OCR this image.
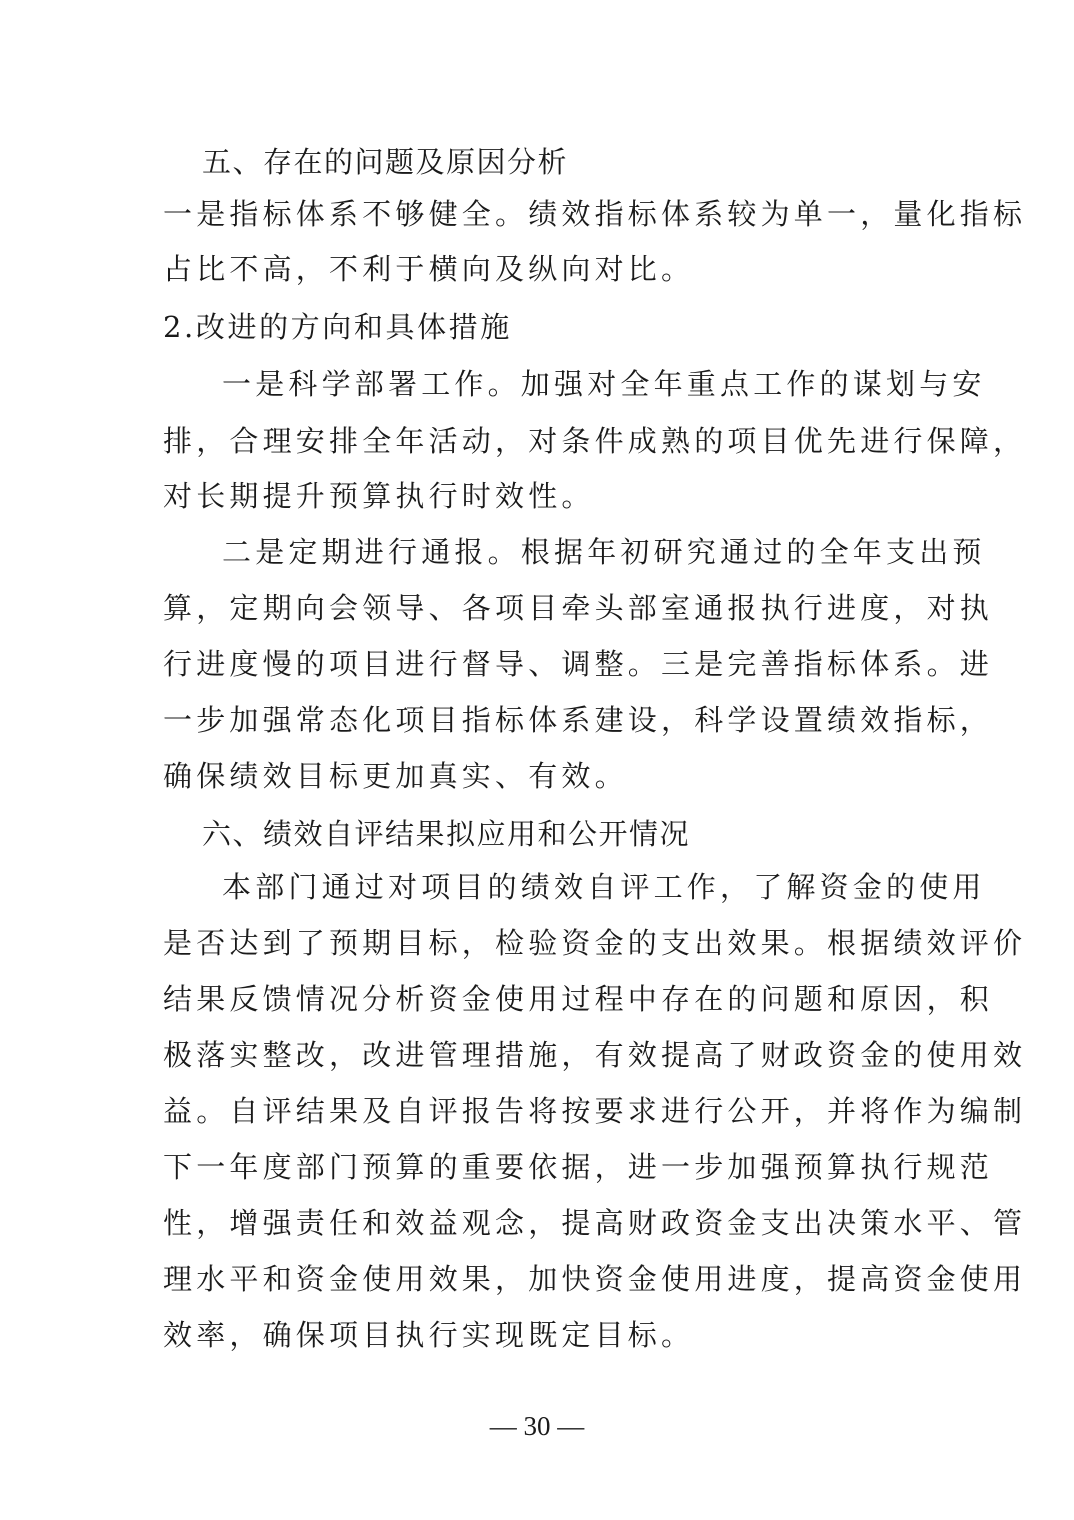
五、存在的问题及原因分析
一是指标体系不够健全。绩效指标体系较为单一，量化指标
占比不高，不利于横向及纵向对比。
2.改进的方向和具体措施
一是科学部署工作。加强对全年重点工作的谋划与安
排，合理安排全年活动，对条件成熟的项目优先进行保障，
对长期提升预算执行时效性。
二是定期进行通报。根据年初研究通过的全年支出预
算，定期向会领导、各项目牵头部室通报执行进度，对执
行进度慢的项目进行督导、调整。三是完善指标体系。进
一步加强常态化项目指标体系建设，科学设置绩效指标，
确保绩效目标更加真实、有效。
六、绩效自评结果拟应用和公开情况
本部门通过对项目的绩效自评工作，了解资金的使用
是否达到了预期目标，检验资金的支出效果。根据绩效评价
结果反馈情况分析资金使用过程中存在的问题和原因，积
极落实整改，改进管理措施，有效提高了财政资金的使用效
益。自评结果及自评报告将按要求进行公开，并将作为编制
下一年度部门预算的重要依据，进一步加强预算执行规范
性，增强责任和效益观念，提高财政资金支出决策水平、管
理水平和资金使用效果，加快资金使用进度，提高资金使用
效率，确保项目执行实现既定目标。
— 30 —
